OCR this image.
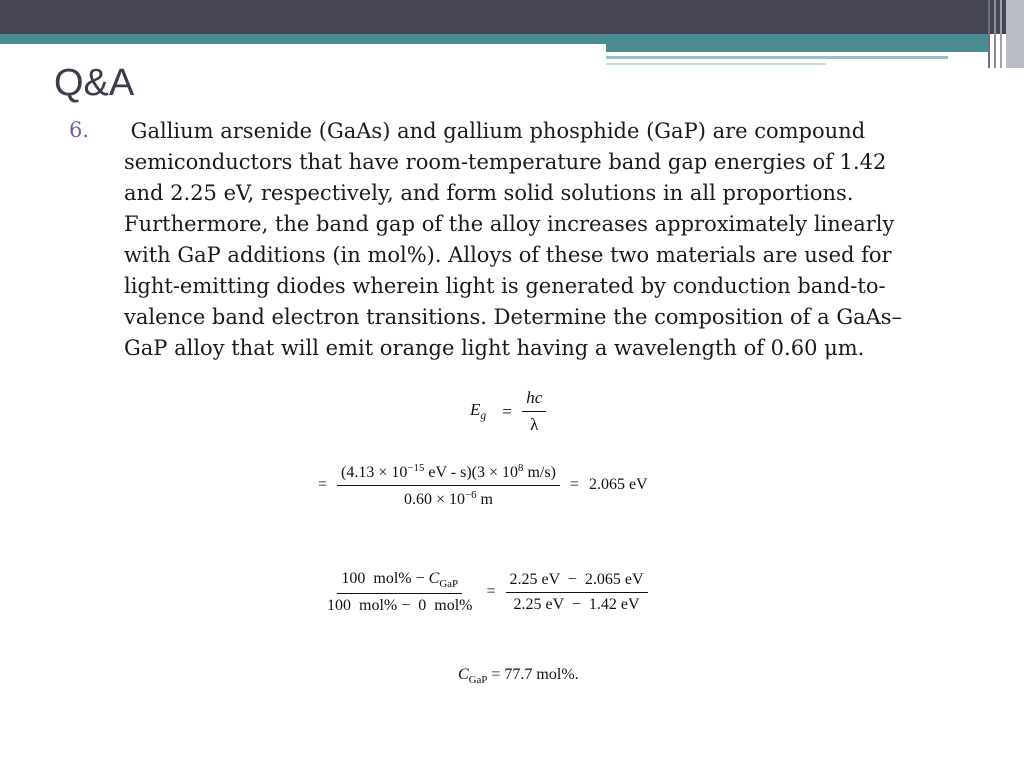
Q&A
6. Gallium arsenide (GaAs) and gallium phosphide (GaP) are compound
semiconductors that have room-temperature band gap energies of 1.42
and 2.25 eV, respectively, and form solid solutions in all proportions.
Furthermore, the band gap of the alloy increases approximately linearly
with GaP additions (in mol%). Alloys of these two materials are used for
light-emitting diodes wherein light is generated by conduction band-to-
valence band electron transitions. Determine the composition of a GaAs–
GaP alloy that will emit orange light having a wavelength of 0.60 μm.
$E_g = \frac{hc}{\lambda}$
= $\frac{(4.13 \times 10^{-15} eV - s)(3 \times 10^8 m/s)}{0.60 \times 10^{-6} m} = 2.065$ eV
$\frac{100 mol\% - C_{GaP}}{\text{100  mol\% −  0  mol\%}} = \frac{2.25 eV - 2.065 eV}{2.25 eV - 1.42 eV}$
$C_{GaP} = 77.7$ mol%.
